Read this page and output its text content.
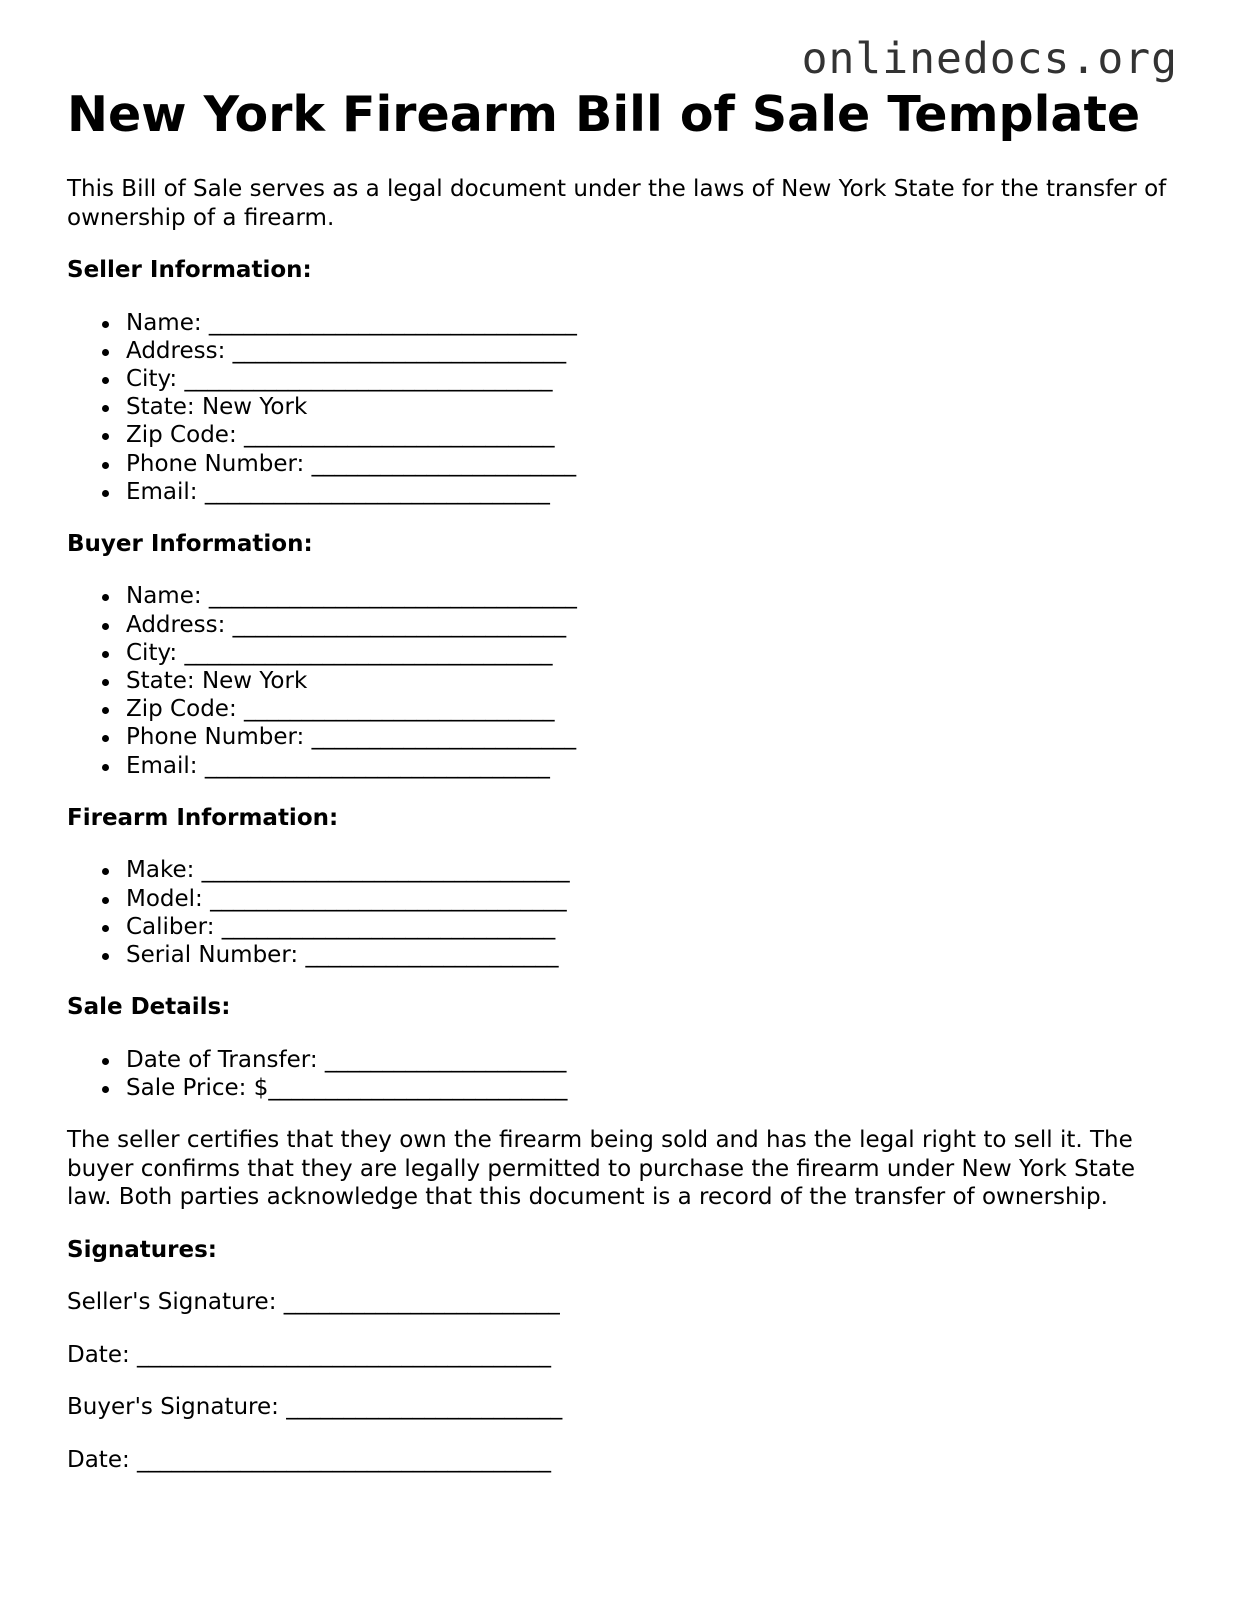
onlinedocs.org
New York Firearm Bill of Sale Template

This Bill of Sale serves as a legal document under the laws of New York State for the transfer of ownership of a firearm.

Seller Information:
Name: ________________________________
Address: _____________________________
City: ________________________________
State: New York
Zip Code: ___________________________
Phone Number: _______________________
Email: ______________________________
Buyer Information:
Name: ________________________________
Address: _____________________________
City: ________________________________
State: New York
Zip Code: ___________________________
Phone Number: _______________________
Email: ______________________________
Firearm Information:
Make: ________________________________
Model: _______________________________
Caliber: _____________________________
Serial Number: ______________________
Sale Details:
Date of Transfer: _____________________
Sale Price: $__________________________

The seller certifies that they own the firearm being sold and has the legal right to sell it. The buyer confirms that they are legally permitted to purchase the firearm under New York State law. Both parties acknowledge that this document is a record of the transfer of ownership.

Signatures:
Seller's Signature: ________________________
Date: ____________________________________
Buyer's Signature: ________________________
Date: ____________________________________
